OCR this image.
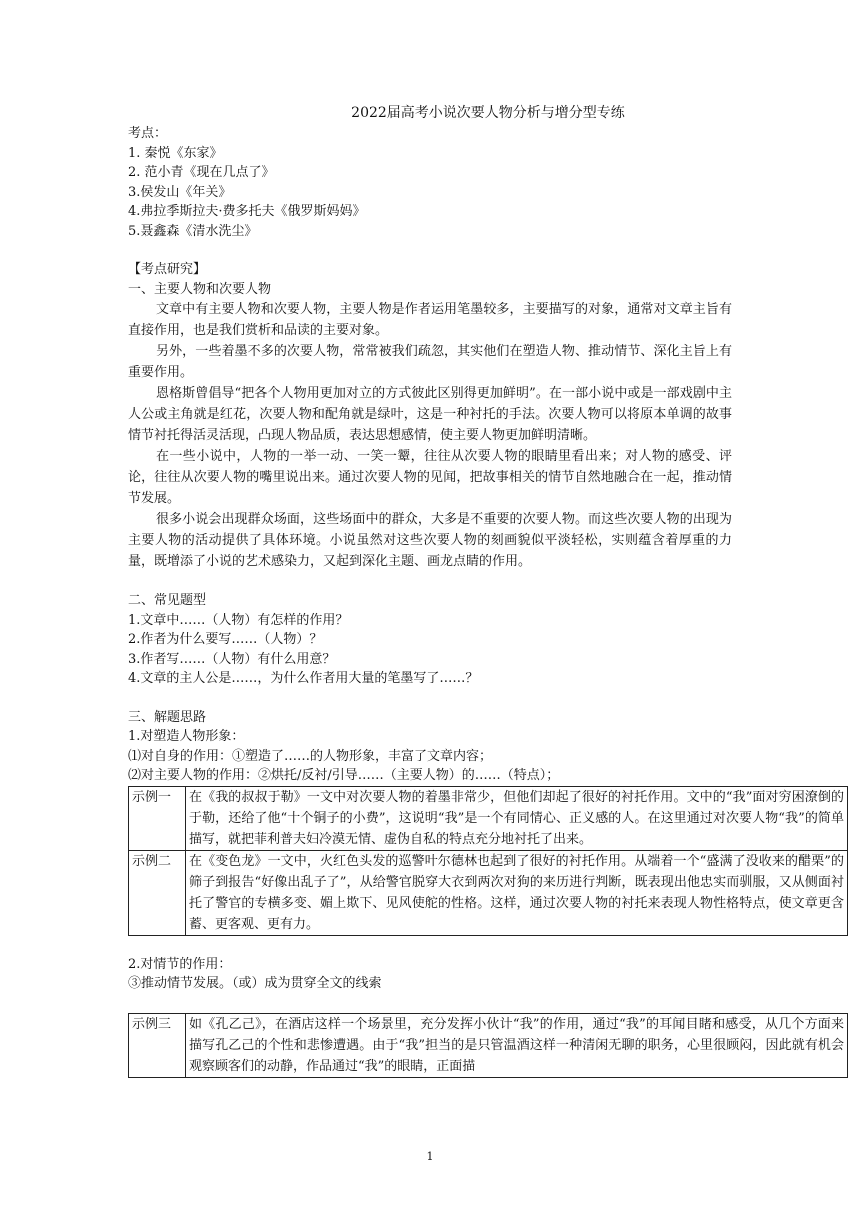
2022届高考小说次要人物分析与增分型专练

考点：

1. 秦悦《东家》

2. 范小青《现在几点了》

3.侯发山《年关》

4.弗拉季斯拉夫·费多托夫《俄罗斯妈妈》

5.聂鑫森《清水洗尘》

【考点研究】

一、主要人物和次要人物

文章中有主要人物和次要人物，主要人物是作者运用笔墨较多，主要描写的对象，通常对文章主旨有直接作用，也是我们赏析和品读的主要对象。

另外，一些着墨不多的次要人物，常常被我们疏忽，其实他们在塑造人物、推动情节、深化主旨上有重要作用。

恩格斯曾倡导“把各个人物用更加对立的方式彼此区别得更加鲜明”。在一部小说中或是一部戏剧中主人公或主角就是红花，次要人物和配角就是绿叶，这是一种衬托的手法。次要人物可以将原本单调的故事情节衬托得活灵活现，凸现人物品质，表达思想感情，使主要人物更加鲜明清晰。

在一些小说中，人物的一举一动、一笑一颦，往往从次要人物的眼睛里看出来；对人物的感受、评论，往往从次要人物的嘴里说出来。通过次要人物的见闻，把故事相关的情节自然地融合在一起，推动情节发展。

很多小说会出现群众场面，这些场面中的群众，大多是不重要的次要人物。而这些次要人物的出现为主要人物的活动提供了具体环境。小说虽然对这些次要人物的刻画貌似平淡轻松，实则蕴含着厚重的力量，既增添了小说的艺术感染力，又起到深化主题、画龙点睛的作用。

二、常见题型

1.文章中……（人物）有怎样的作用？

2.作者为什么要写……（人物）？

3.作者写……（人物）有什么用意？

4.文章的主人公是……，为什么作者用大量的笔墨写了……？

三、解题思路

1.对塑造人物形象：

⑴对自身的作用：①塑造了……的人物形象，丰富了文章内容；

⑵对主要人物的作用：②烘托/反衬/引导……（主要人物）的……（特点）；

示例一	在《我的叔叔于勒》一文中对次要人物的着墨非常少，但他们却起了很好的衬托作用。文中的“我”面对穷困潦倒的于勒，还给了他“十个铜子的小费”，这说明“我”是一个有同情心、正义感的人。在这里通过对次要人物“我”的简单描写，就把菲利普夫妇冷漠无情、虚伪自私的特点充分地衬托了出来。
示例二	在《变色龙》一文中，火红色头发的巡警叶尔德林也起到了很好的衬托作用。从端着一个“盛满了没收来的醋栗”的筛子到报告“好像出乱子了”，从给警官脱穿大衣到两次对狗的来历进行判断，既表现出他忠实而驯服，又从侧面衬托了警官的专横多变、媚上欺下、见风使舵的性格。这样，通过次要人物的衬托来表现人物性格特点，使文章更含蓄、更客观、更有力。

2.对情节的作用：

③推动情节发展。（或）成为贯穿全文的线索

示例三	如《孔乙己》，在酒店这样一个场景里，充分发挥小伙计“我”的作用，通过“我”的耳闻目睹和感受，从几个方面来描写孔乙己的个性和悲惨遭遇。由于“我”担当的是只管温酒这样一种清闲无聊的职务，心里很顾闷，因此就有机会观察顾客们的动静，作品通过“我”的眼睛，正面描
1
